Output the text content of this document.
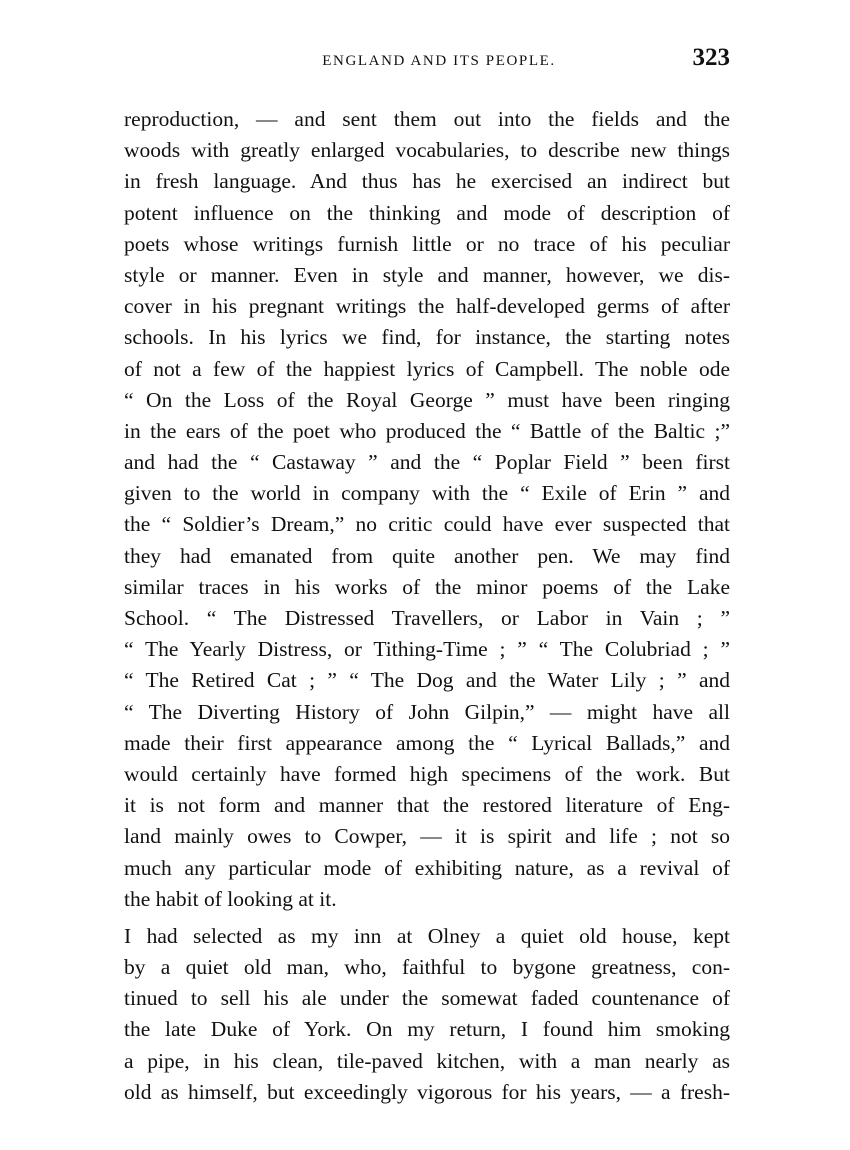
ENGLAND AND ITS PEOPLE.	323
reproduction, — and sent them out into the fields and the
woods with greatly enlarged vocabularies, to describe new things
in fresh language. And thus has he exercised an indirect but
potent influence on the thinking and mode of description of
poets whose writings furnish little or no trace of his peculiar
style or manner. Even in style and manner, however, we dis-
cover in his pregnant writings the half-developed germs of after
schools. In his lyrics we find, for instance, the starting notes
of not a few of the happiest lyrics of Campbell. The noble ode
“ On the Loss of the Royal George ” must have been ringing
in the ears of the poet who produced the “ Battle of the Baltic ;”
and had the “ Castaway ” and the “ Poplar Field ” been first
given to the world in company with the “ Exile of Erin ” and
the “ Soldier’s Dream,” no critic could have ever suspected that
they had emanated from quite another pen. We may find
similar traces in his works of the minor poems of the Lake
School. “ The Distressed Travellers, or Labor in Vain ; ”
“ The Yearly Distress, or Tithing-Time ; ” “ The Colubriad ; ”
“ The Retired Cat ; ” “ The Dog and the Water Lily ; ” and
“ The Diverting History of John Gilpin,” — might have all
made their first appearance among the “ Lyrical Ballads,” and
would certainly have formed high specimens of the work. But
it is not form and manner that the restored literature of Eng-
land mainly owes to Cowper, — it is spirit and life ; not so
much any particular mode of exhibiting nature, as a revival of
the habit of looking at it.
I had selected as my inn at Olney a quiet old house, kept
by a quiet old man, who, faithful to bygone greatness, con-
tinued to sell his ale under the somewat faded countenance of
the late Duke of York. On my return, I found him smoking
a pipe, in his clean, tile-paved kitchen, with a man nearly as
old as himself, but exceedingly vigorous for his years, — a fresh-
